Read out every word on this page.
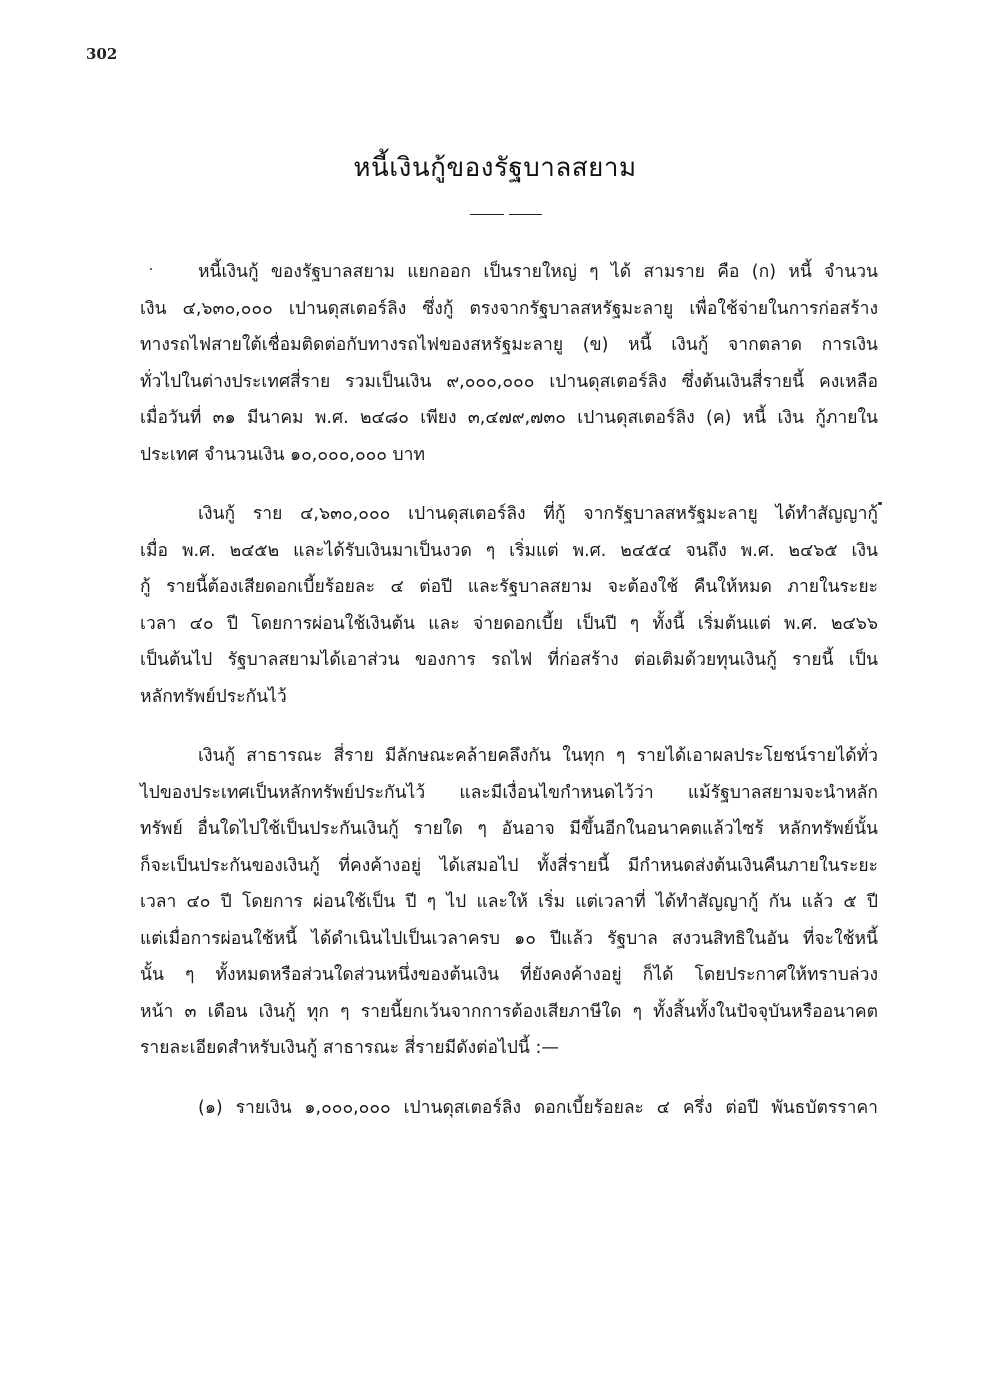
302
หนี้เงินกู้ของรัฐบาลสยาม
หนี้เงินกู้ ของรัฐบาลสยาม แยกออก เป็นรายใหญ่ ๆ ได้ สามราย คือ (ก) หนี้ จำนวน
เงิน ๔,๖๓๐,๐๐๐ เปานดุสเตอร์ลิง ซึ่งกู้ ตรงจากรัฐบาลสหรัฐมะลายู เพื่อใช้จ่ายในการก่อสร้าง
ทางรถไฟสายใต้เชื่อมติดต่อกับทางรถไฟของสหรัฐมะลายู (ข) หนี้ เงินกู้ จากตลาด การเงิน
ทั่วไปในต่างประเทศสี่ราย รวมเป็นเงิน ๙,๐๐๐,๐๐๐ เปานดุสเตอร์ลิง ซึ่งต้นเงินสี่รายนี้ คงเหลือ
เมื่อวันที่ ๓๑ มีนาคม พ.ศ. ๒๔๘๐ เพียง ๓,๔๗๙,๗๓๐ เปานดุสเตอร์ลิง (ค) หนี้ เงิน กู้ภายใน
ประเทศ จำนวนเงิน ๑๐,๐๐๐,๐๐๐ บาท
เงินกู้ ราย ๔,๖๓๐,๐๐๐ เปานดุสเตอร์ลิง ที่กู้ จากรัฐบาลสหรัฐมะลายู ได้ทำสัญญากู้
เมื่อ พ.ศ. ๒๔๕๒ และได้รับเงินมาเป็นงวด ๆ เริ่มแต่ พ.ศ. ๒๔๕๔ จนถึง พ.ศ. ๒๔๖๕ เงิน
กู้ รายนี้ต้องเสียดอกเบี้ยร้อยละ ๔ ต่อปี และรัฐบาลสยาม จะต้องใช้ คืนให้หมด ภายในระยะ
เวลา ๔๐ ปี โดยการผ่อนใช้เงินต้น และ จ่ายดอกเบี้ย เป็นปี ๆ ทั้งนี้ เริ่มต้นแต่ พ.ศ. ๒๔๖๖
เป็นต้นไป รัฐบาลสยามได้เอาส่วน ของการ รถไฟ ที่ก่อสร้าง ต่อเติมด้วยทุนเงินกู้ รายนี้ เป็น
หลักทรัพย์ประกันไว้
เงินกู้ สาธารณะ สี่ราย มีลักษณะคล้ายคลึงกัน ในทุก ๆ รายได้เอาผลประโยชน์รายได้ทั่ว
ไปของประเทศเป็นหลักทรัพย์ประกันไว้ และมีเงื่อนไขกำหนดไว้ว่า แม้รัฐบาลสยามจะนำหลัก
ทรัพย์ อื่นใดไปใช้เป็นประกันเงินกู้ รายใด ๆ อันอาจ มีขึ้นอีกในอนาคตแล้วไซร้ หลักทรัพย์นั้น
ก็จะเป็นประกันของเงินกู้ ที่คงค้างอยู่ ได้เสมอไป ทั้งสี่รายนี้ มีกำหนดส่งต้นเงินคืนภายในระยะ
เวลา ๔๐ ปี โดยการ ผ่อนใช้เป็น ปี ๆ ไป และให้ เริ่ม แต่เวลาที่ ได้ทำสัญญากู้ กัน แล้ว ๕ ปี
แต่เมื่อการผ่อนใช้หนี้ ได้ดำเนินไปเป็นเวลาครบ ๑๐ ปีแล้ว รัฐบาล สงวนสิทธิในอัน ที่จะใช้หนี้
นั้น ๆ ทั้งหมดหรือส่วนใดส่วนหนึ่งของต้นเงิน ที่ยังคงค้างอยู่ ก็ได้ โดยประกาศให้ทราบล่วง
หน้า ๓ เดือน เงินกู้ ทุก ๆ รายนี้ยกเว้นจากการต้องเสียภาษีใด ๆ ทั้งสิ้นทั้งในปัจจุบันหรืออนาคต
รายละเอียดสำหรับเงินกู้ สาธารณะ สี่รายมีดังต่อไปนี้ :—
(๑) รายเงิน ๑,๐๐๐,๐๐๐ เปานดุสเตอร์ลิง ดอกเบี้ยร้อยละ ๔ ครึ่ง ต่อปี พันธบัตรราคา
